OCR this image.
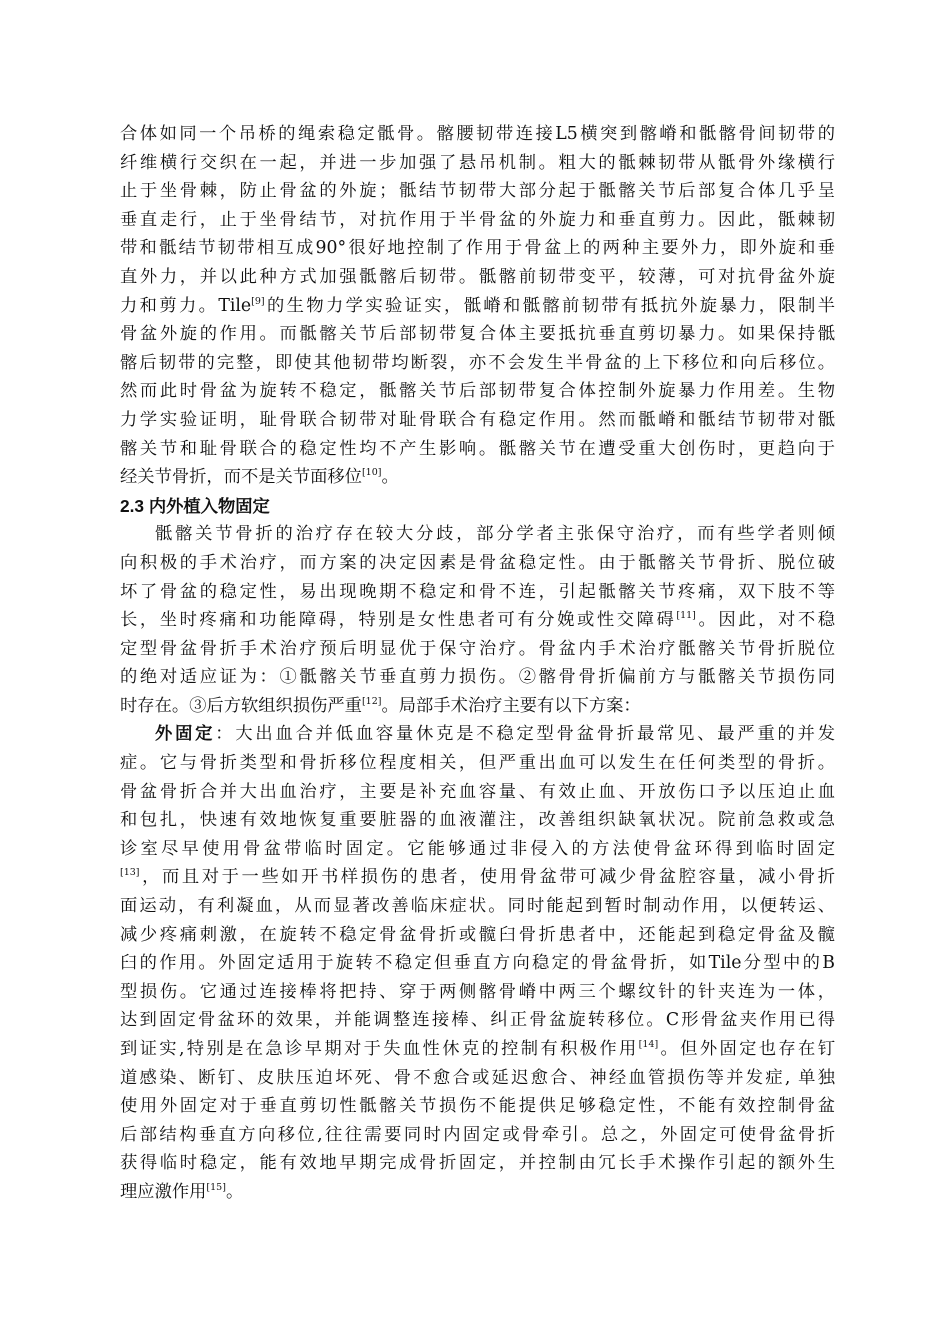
合体如同一个吊桥的绳索稳定骶骨。髂腰韧带连接L5横突到髂嵴和骶髂骨间韧带的
纤维横行交织在一起，并进一步加强了悬吊机制。粗大的骶棘韧带从骶骨外缘横行
止于坐骨棘，防止骨盆的外旋；骶结节韧带大部分起于骶髂关节后部复合体几乎呈
垂直走行，止于坐骨结节，对抗作用于半骨盆的外旋力和垂直剪力。因此，骶棘韧
带和骶结节韧带相互成90°很好地控制了作用于骨盆上的两种主要外力，即外旋和垂
直外力，并以此种方式加强骶髂后韧带。骶髂前韧带变平，较薄，可对抗骨盆外旋
力和剪力。Tile[9]的生物力学实验证实，骶嵴和骶髂前韧带有抵抗外旋暴力，限制半
骨盆外旋的作用。而骶髂关节后部韧带复合体主要抵抗垂直剪切暴力。如果保持骶
髂后韧带的完整，即使其他韧带均断裂，亦不会发生半骨盆的上下移位和向后移位。
然而此时骨盆为旋转不稳定，骶髂关节后部韧带复合体控制外旋暴力作用差。生物
力学实验证明，耻骨联合韧带对耻骨联合有稳定作用。然而骶嵴和骶结节韧带对骶
髂关节和耻骨联合的稳定性均不产生影响。骶髂关节在遭受重大创伤时，更趋向于
经关节骨折，而不是关节面移位[10]。
2.3 内外植入物固定
骶髂关节骨折的治疗存在较大分歧，部分学者主张保守治疗，而有些学者则倾
向积极的手术治疗，而方案的决定因素是骨盆稳定性。由于骶髂关节骨折、脱位破
坏了骨盆的稳定性，易出现晚期不稳定和骨不连，引起骶髂关节疼痛，双下肢不等
长，坐时疼痛和功能障碍，特别是女性患者可有分娩或性交障碍[11]。因此，对不稳
定型骨盆骨折手术治疗预后明显优于保守治疗。骨盆内手术治疗骶髂关节骨折脱位
的绝对适应证为：①骶髂关节垂直剪力损伤。②髂骨骨折偏前方与骶髂关节损伤同
时存在。③后方软组织损伤严重[12]。局部手术治疗主要有以下方案：
外固定：大出血合并低血容量休克是不稳定型骨盆骨折最常见、最严重的并发
症。它与骨折类型和骨折移位程度相关，但严重出血可以发生在任何类型的骨折。
骨盆骨折合并大出血治疗，主要是补充血容量、有效止血、开放伤口予以压迫止血
和包扎，快速有效地恢复重要脏器的血液灌注，改善组织缺氧状况。院前急救或急
诊室尽早使用骨盆带临时固定。它能够通过非侵入的方法使骨盆环得到临时固定
[13]，而且对于一些如开书样损伤的患者，使用骨盆带可减少骨盆腔容量，减小骨折
面运动，有利凝血，从而显著改善临床症状。同时能起到暂时制动作用，以便转运、
减少疼痛刺激，在旋转不稳定骨盆骨折或髋臼骨折患者中，还能起到稳定骨盆及髋
臼的作用。外固定适用于旋转不稳定但垂直方向稳定的骨盆骨折，如Tile分型中的B
型损伤。它通过连接棒将把持、穿于两侧髂骨嵴中两三个螺纹针的针夹连为一体，
达到固定骨盆环的效果，并能调整连接棒、纠正骨盆旋转移位。C形骨盆夹作用已得
到证实,特别是在急诊早期对于失血性休克的控制有积极作用[14]。但外固定也存在钉
道感染、断钉、皮肤压迫坏死、骨不愈合或延迟愈合、神经血管损伤等并发症, 单独
使用外固定对于垂直剪切性骶髂关节损伤不能提供足够稳定性，不能有效控制骨盆
后部结构垂直方向移位,往往需要同时内固定或骨牵引。总之，外固定可使骨盆骨折
获得临时稳定，能有效地早期完成骨折固定，并控制由冗长手术操作引起的额外生
理应激作用[15]。
